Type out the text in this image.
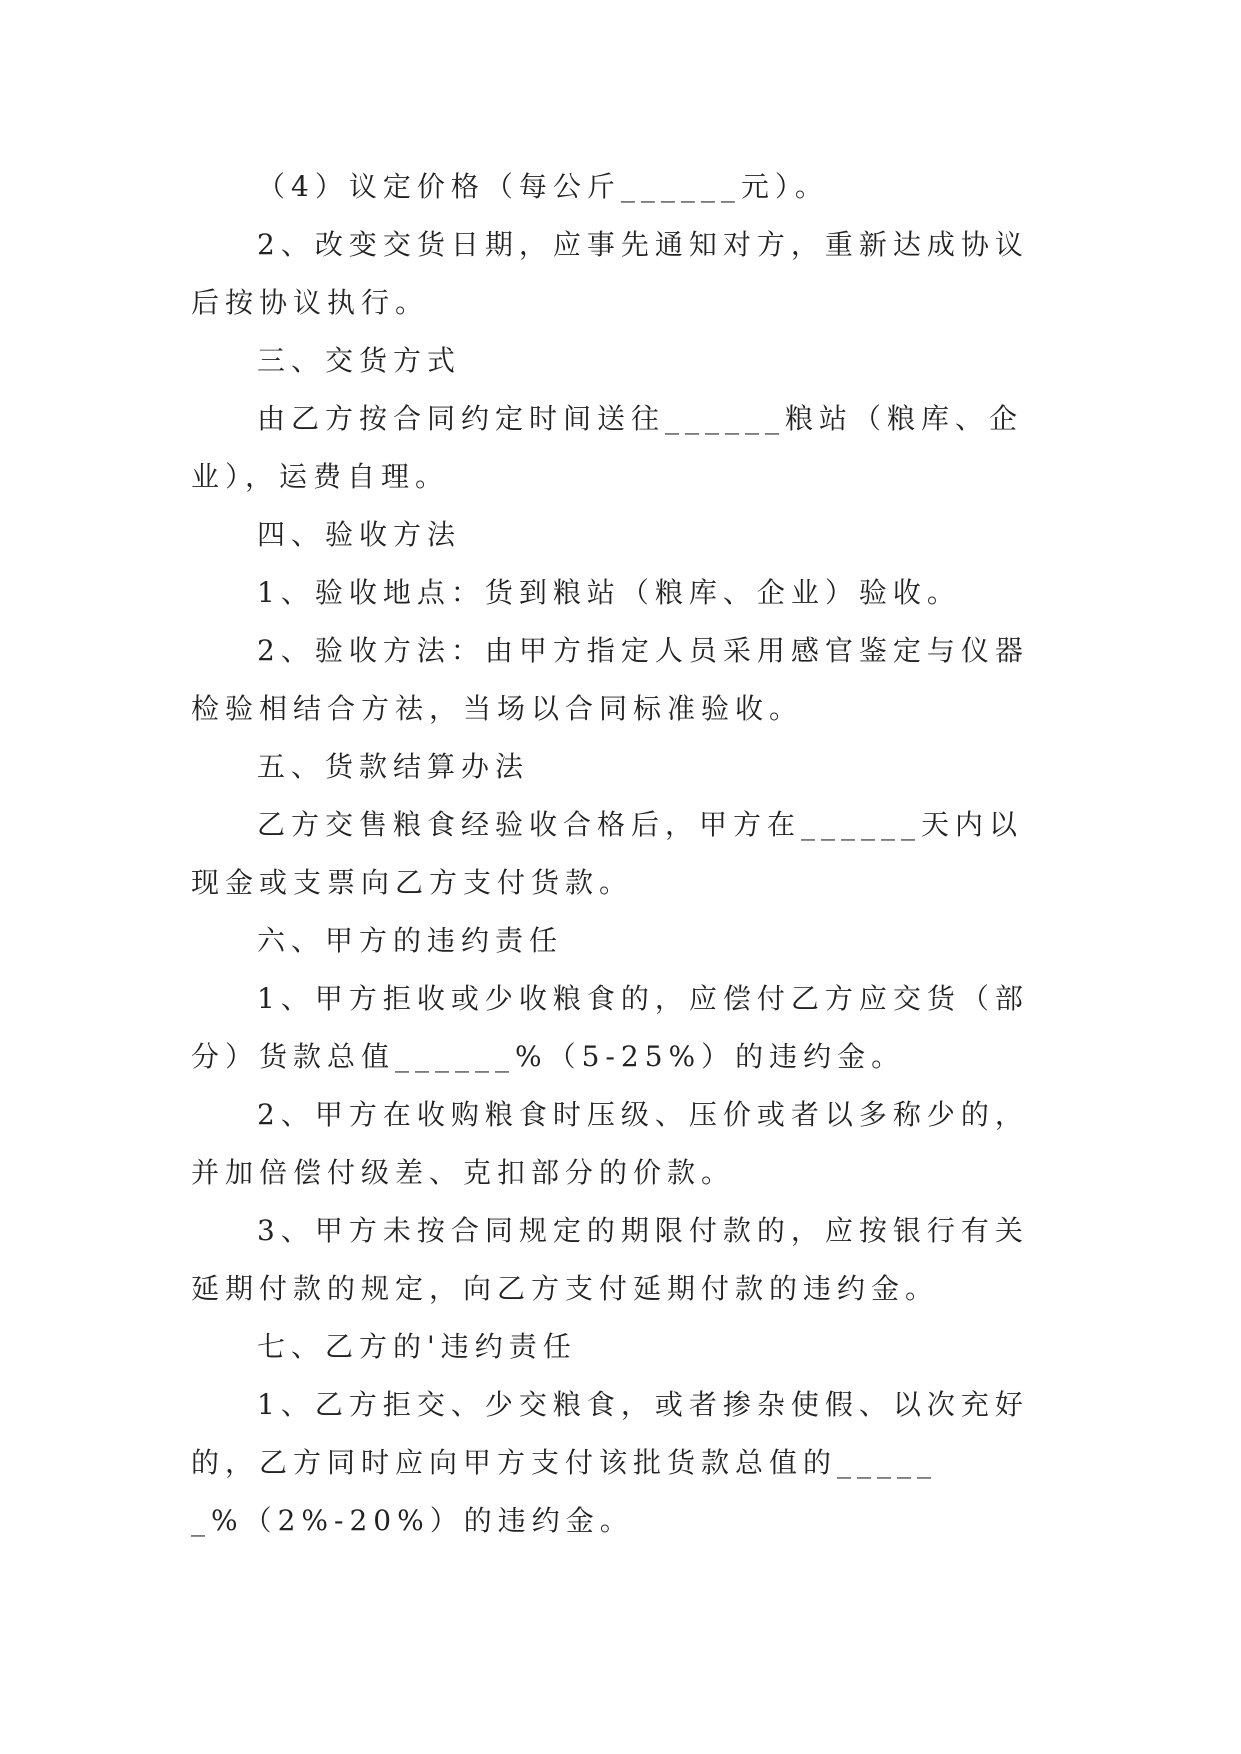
（4）议定价格（每公斤______元）。

2、改变交货日期，应事先通知对方，重新达成协议后按协议执行。

三、交货方式

由乙方按合同约定时间送往______粮站（粮库、企业），运费自理。

四、验收方法

1、验收地点：货到粮站（粮库、企业）验收。

2、验收方法：由甲方指定人员采用感官鉴定与仪器检验相结合方祛，当场以合同标准验收。

五、货款结算办法

乙方交售粮食经验收合格后，甲方在______天内以现金或支票向乙方支付货款。

六、甲方的违约责任

1、甲方拒收或少收粮食的，应偿付乙方应交货（部分）货款总值______%（5-25%）的违约金。

2、甲方在收购粮食时压级、压价或者以多称少的，并加倍偿付级差、克扣部分的价款。

3、甲方未按合同规定的期限付款的，应按银行有关延期付款的规定，向乙方支付延期付款的违约金。

七、乙方的'违约责任

1、乙方拒交、少交粮食，或者掺杂使假、以次充好的，乙方同时应向甲方支付该批货款总值的______%（2%-20%）的违约金。
